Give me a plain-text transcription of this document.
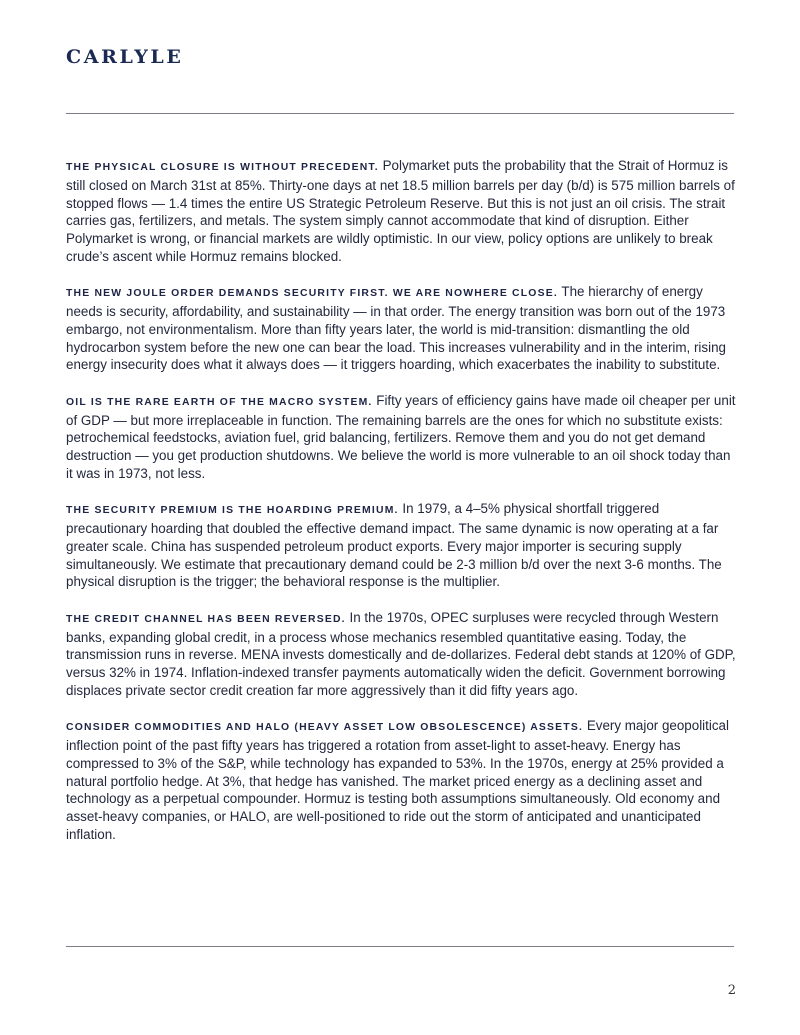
CARLYLE

THE PHYSICAL CLOSURE IS WITHOUT PRECEDENT. Polymarket puts the probability that the Strait of Hormuz is still closed on March 31st at 85%. Thirty-one days at net 18.5 million barrels per day (b/d) is 575 million barrels of stopped flows — 1.4 times the entire US Strategic Petroleum Reserve. But this is not just an oil crisis. The strait carries gas, fertilizers, and metals. The system simply cannot accommodate that kind of disruption. Either Polymarket is wrong, or financial markets are wildly optimistic. In our view, policy options are unlikely to break crude’s ascent while Hormuz remains blocked.

THE NEW JOULE ORDER DEMANDS SECURITY FIRST. WE ARE NOWHERE CLOSE. The hierarchy of energy needs is security, affordability, and sustainability — in that order. The energy transition was born out of the 1973 embargo, not environmentalism. More than fifty years later, the world is mid-transition: dismantling the old hydrocarbon system before the new one can bear the load. This increases vulnerability and in the interim, rising energy insecurity does what it always does — it triggers hoarding, which exacerbates the inability to substitute.

OIL IS THE RARE EARTH OF THE MACRO SYSTEM. Fifty years of efficiency gains have made oil cheaper per unit of GDP — but more irreplaceable in function. The remaining barrels are the ones for which no substitute exists: petrochemical feedstocks, aviation fuel, grid balancing, fertilizers. Remove them and you do not get demand destruction — you get production shutdowns. We believe the world is more vulnerable to an oil shock today than it was in 1973, not less.

THE SECURITY PREMIUM IS THE HOARDING PREMIUM. In 1979, a 4–5% physical shortfall triggered precautionary hoarding that doubled the effective demand impact. The same dynamic is now operating at a far greater scale. China has suspended petroleum product exports. Every major importer is securing supply simultaneously. We estimate that precautionary demand could be 2-3 million b/d over the next 3-6 months. The physical disruption is the trigger; the behavioral response is the multiplier.

THE CREDIT CHANNEL HAS BEEN REVERSED. In the 1970s, OPEC surpluses were recycled through Western banks, expanding global credit, in a process whose mechanics resembled quantitative easing. Today, the transmission runs in reverse. MENA invests domestically and de-dollarizes. Federal debt stands at 120% of GDP, versus 32% in 1974. Inflation-indexed transfer payments automatically widen the deficit. Government borrowing displaces private sector credit creation far more aggressively than it did fifty years ago.

CONSIDER COMMODITIES AND HALO (HEAVY ASSET LOW OBSOLESCENCE) ASSETS. Every major geopolitical inflection point of the past fifty years has triggered a rotation from asset-light to asset-heavy. Energy has compressed to 3% of the S&P, while technology has expanded to 53%. In the 1970s, energy at 25% provided a natural portfolio hedge. At 3%, that hedge has vanished. The market priced energy as a declining asset and technology as a perpetual compounder. Hormuz is testing both assumptions simultaneously. Old economy and asset-heavy companies, or HALO, are well-positioned to ride out the storm of anticipated and unanticipated inflation.

2
